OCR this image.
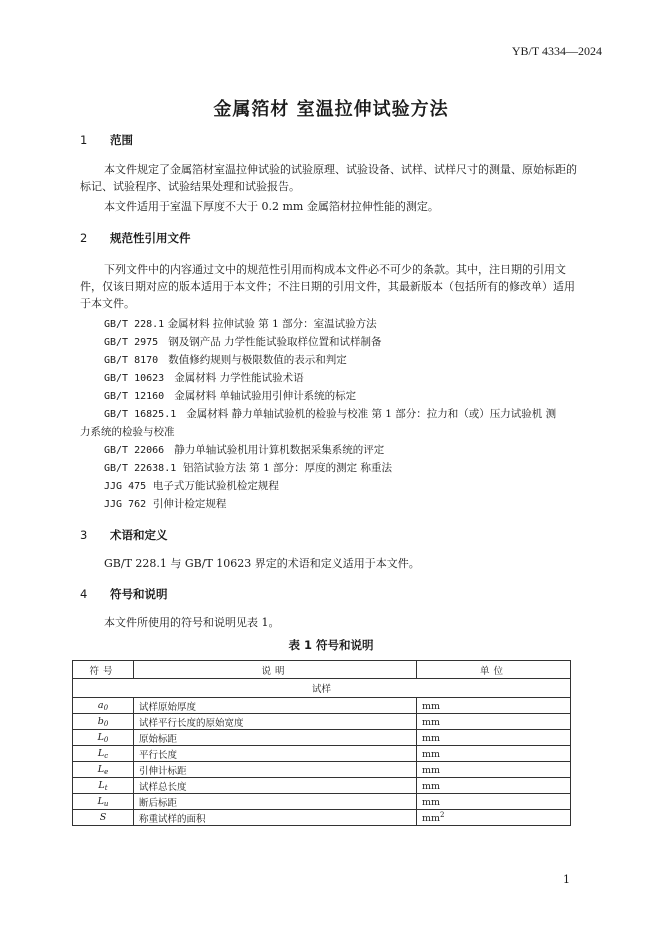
YB/T 4334—2024
金属箔材 室温拉伸试验方法
1 范围
本文件规定了金属箔材室温拉伸试验的试验原理、试验设备、试样、试样尺寸的测量、原始标距的标记、试验程序、试验结果处理和试验报告。
本文件适用于室温下厚度不大于 0.2 mm 金属箔材拉伸性能的测定。
2 规范性引用文件
下列文件中的内容通过文中的规范性引用而构成本文件必不可少的条款。其中，注日期的引用文件，仅该日期对应的版本适用于本文件；不注日期的引用文件，其最新版本（包括所有的修改单）适用于本文件。
GB/T 228.1 金属材料 拉伸试验 第 1 部分：室温试验方法
GB/T 2975 钢及钢产品 力学性能试验取样位置和试样制备
GB/T 8170 数值修约规则与极限数值的表示和判定
GB/T 10623 金属材料 力学性能试验术语
GB/T 12160 金属材料 单轴试验用引伸计系统的标定
GB/T 16825.1 金属材料 静力单轴试验机的检验与校准 第 1 部分：拉力和（或）压力试验机 测
力系统的检验与校准
GB/T 22066 静力单轴试验机用计算机数据采集系统的评定
GB/T 22638.1 铝箔试验方法 第 1 部分：厚度的测定 称重法
JJG 475 电子式万能试验机检定规程
JJG 762 引伸计检定规程
3 术语和定义
GB/T 228.1 与 GB/T 10623 界定的术语和定义适用于本文件。
4 符号和说明
本文件所使用的符号和说明见表 1。
表 1 符号和说明
符号	说明	单位
试样		
$a_0$	试样原始厚度	mm
$b_0$	试样平行长度的原始宽度	mm
$L_0$	原始标距	mm
$L_c$	平行长度	mm
$L_e$	引伸计标距	mm
$L_t$	试样总长度	mm
$L_u$	断后标距	mm
S	称重试样的面积	$mm^2$
1
